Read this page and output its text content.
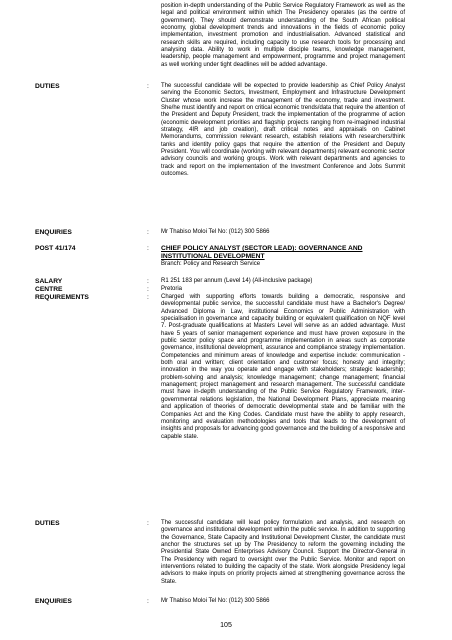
position in-depth understanding of the Public Service Regulatory Framework as well as the legal and political environment within which The Presidency operates (as the centre of government). They should demonstrate understanding of the South African political economy, global development trends and innovations in the fields of economic policy implementation, investment promotion and industrialisation. Advanced statistical and research skills are required, including capacity to use research tools for processing and analysing data. Ability to work in multiple disciple teams, knowledge management, leadership, people management and empowerment, programme and project management as well working under tight deadlines will be added advantage.
DUTIES	: The successful candidate will be expected to provide leadership as Chief Policy Analyst serving the Economic Sectors, Investment, Employment and Infrastructure Development Cluster whose work increase the management of the economy, trade and investment. She/he must identify and report on critical economic trends/data that require the attention of the President and Deputy President, track the implementation of the programme of action (economic development priorities and flagship projects ranging from re-imagined industrial strategy, 4IR and job creation), draft critical notes and appraisals on Cabinet Memorandums, commission relevant research, establish relations with researchers/think tanks and identity policy gaps that require the attention of the President and Deputy President. You will coordinate (working with relevant departments) relevant economic sector advisory councils and working groups. Work with relevant departments and agencies to track and report on the implementation of the Investment Conference and Jobs Summit outcomes.
ENQUIRIES	: Mr Thabiso Moloi Tel No: (012) 300 5866
POST 41/174	: CHIEF POLICY ANALYST (SECTOR LEAD): GOVERNANCE AND INSTITUTIONAL DEVELOPMENT
Branch: Policy and Research Service
SALARY	: R1 251 183 per annum (Level 14) (All-inclusive package)
CENTRE	: Pretoria
REQUIREMENTS	: Charged with supporting efforts towards building a democratic, responsive and developmental public service, the successful candidate must have a Bachelor's Degree/ Advanced Diploma in Law, institutional Economics or Public Administration with specialisation in governance and capacity building or equivalent qualification on NQF level 7. Post-graduate qualifications at Masters Level will serve as an added advantage. Must have 5 years of senior management experience and must have proven exposure in the public sector policy space and programme implementation in areas such as corporate governance, institutional development, assurance and compliance strategy implementation. Competencies and minimum areas of knowledge and expertise include: communication - both oral and written; client orientation and customer focus; honesty and integrity; innovation in the way you operate and engage with stakeholders; strategic leadership; problem-solving and analysis; knowledge management; change management; financial management; project management and research management. The successful candidate must have in-depth understanding of the Public Service Regulatory Framework, inter-governmental relations legislation, the National Development Plans, appreciate meaning and application of theories of democratic developmental state and be familiar with the Companies Act and the King Codes. Candidate must have the ability to apply research, monitoring and evaluation methodologies and tools that leads to the development of insights and proposals for advancing good governance and the building of a responsive and capable state.
DUTIES	: The successful candidate will lead policy formulation and analysis, and research on governance and institutional development within the public service. In addition to supporting the Governance, State Capacity and Institutional Development Cluster, the candidate must anchor the structures set up by The Presidency to reform the governing including the Presidential State Owned Enterprises Advisory Council. Support the Director-General in The Presidency with regard to oversight over the Public Service. Monitor and report on interventions related to building the capacity of the state. Work alongside Presidency legal advisors to make inputs on priority projects aimed at strengthening governance across the State.
ENQUIRIES	: Mr Thabiso Moloi Tel No: (012) 300 5866
105
